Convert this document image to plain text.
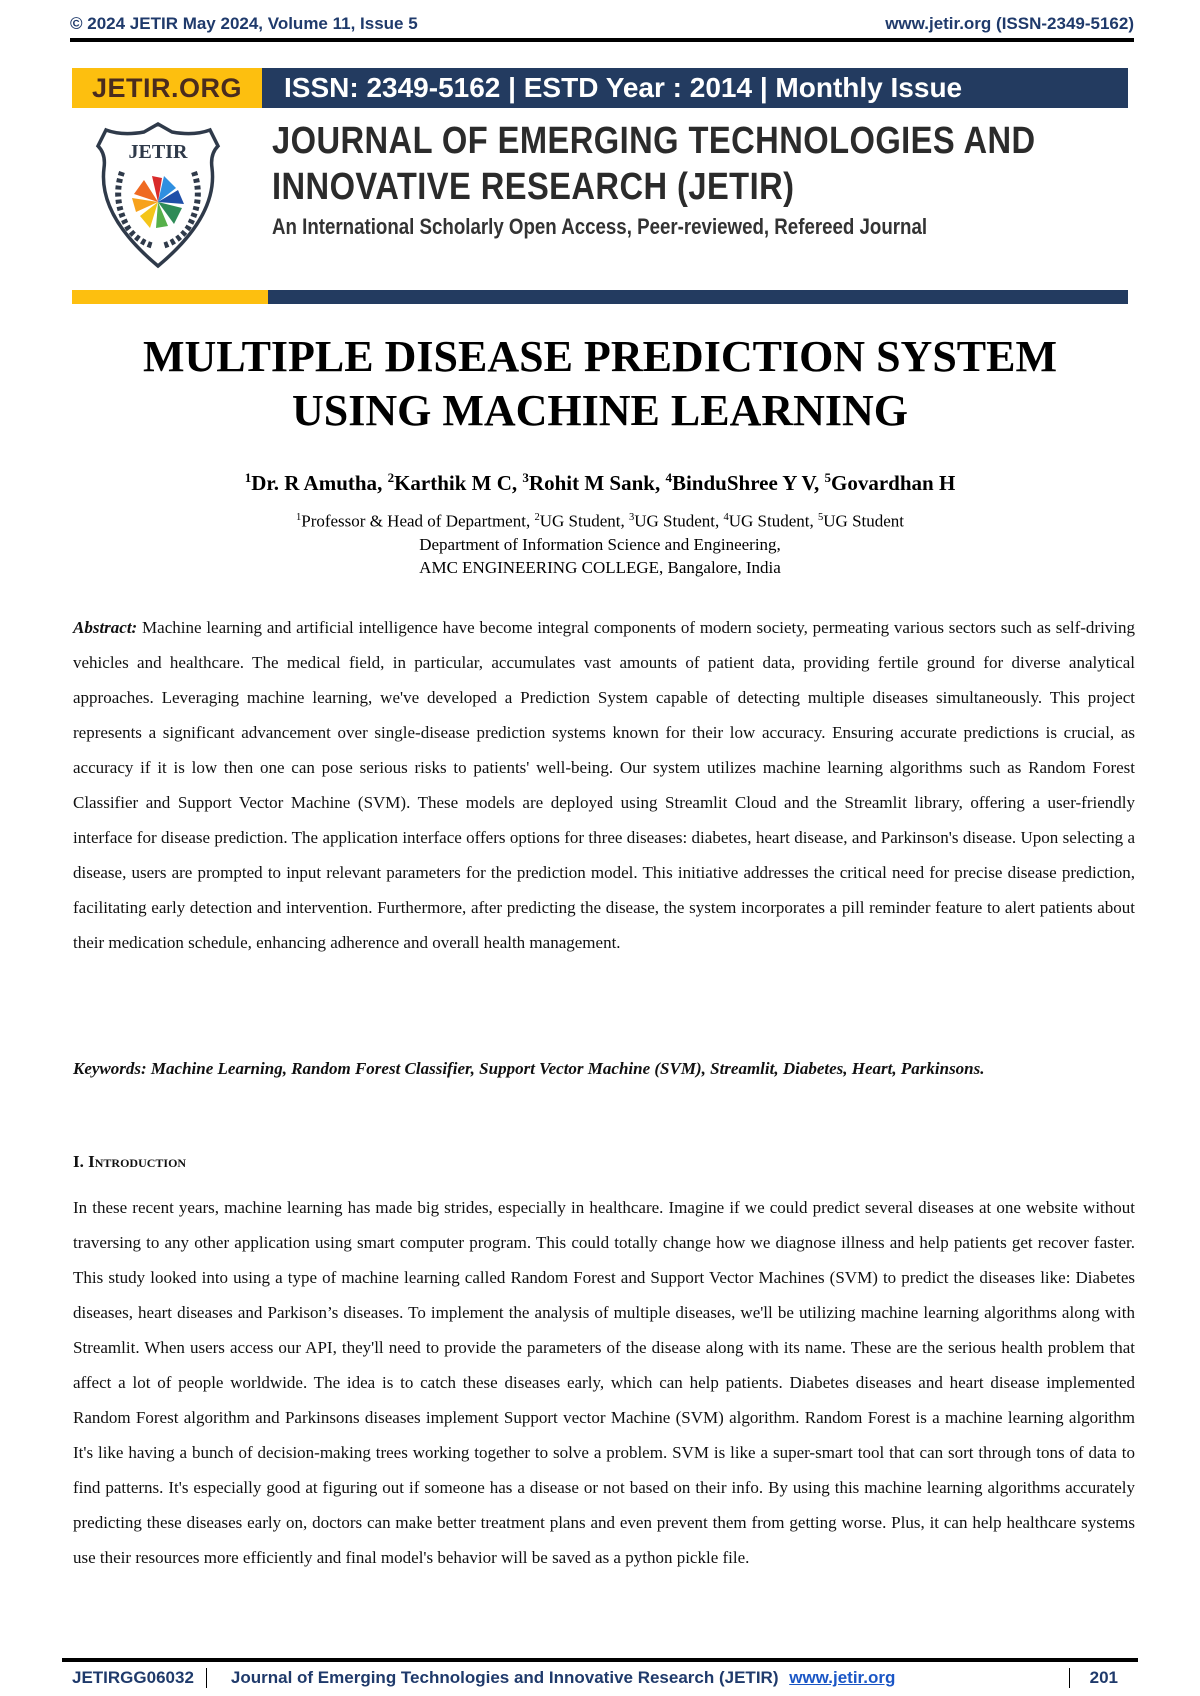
© 2024 JETIR May 2024, Volume 11, Issue 5	www.jetir.org (ISSN-2349-5162)
JETIR.ORG	ISSN: 2349-5162 | ESTD Year : 2014 | Monthly Issue
JETIR JOURNAL OF EMERGING TECHNOLOGIES AND
INNOVATIVE RESEARCH (JETIR)
An International Scholarly Open Access, Peer-reviewed, Refereed Journal
MULTIPLE DISEASE PREDICTION SYSTEM
USING MACHINE LEARNING
$^1$Dr. R Amutha, $^2$Karthik M C, $^3$Rohit M Sank, $^4$BinduShree Y V, $^5$Govardhan H
$^1$Professor & Head of Department, $^2$UG Student, $^3$UG Student, $^4$UG Student, $^5$UG Student
Department of Information Science and Engineering,
AMC ENGINEERING COLLEGE, Bangalore, India
Abstract: Machine learning and artificial intelligence have become integral components of modern society, permeating various sectors such as self-driving vehicles and healthcare. The medical field, in particular, accumulates vast amounts of patient data, providing fertile ground for diverse analytical approaches. Leveraging machine learning, we've developed a Prediction System capable of detecting multiple diseases simultaneously. This project represents a significant advancement over single-disease prediction systems known for their low accuracy. Ensuring accurate predictions is crucial, as accuracy if it is low then one can pose serious risks to patients' well-being. Our system utilizes machine learning algorithms such as Random Forest Classifier and Support Vector Machine (SVM). These models are deployed using Streamlit Cloud and the Streamlit library, offering a user-friendly interface for disease prediction. The application interface offers options for three diseases: diabetes, heart disease, and Parkinson's disease. Upon selecting a disease, users are prompted to input relevant parameters for the prediction model. This initiative addresses the critical need for precise disease prediction, facilitating early detection and intervention. Furthermore, after predicting the disease, the system incorporates a pill reminder feature to alert patients about their medication schedule, enhancing adherence and overall health management.
Keywords: Machine Learning, Random Forest Classifier, Support Vector Machine (SVM), Streamlit, Diabetes, Heart, Parkinsons.
I. Introduction
In these recent years, machine learning has made big strides, especially in healthcare. Imagine if we could predict several diseases at one website without traversing to any other application using smart computer program. This could totally change how we diagnose illness and help patients get recover faster. This study looked into using a type of machine learning called Random Forest and Support Vector Machines (SVM) to predict the diseases like: Diabetes diseases, heart diseases and Parkison’s diseases. To implement the analysis of multiple diseases, we'll be utilizing machine learning algorithms along with Streamlit. When users access our API, they'll need to provide the parameters of the disease along with its name. These are the serious health problem that affect a lot of people worldwide. The idea is to catch these diseases early, which can help patients. Diabetes diseases and heart disease implemented Random Forest algorithm and Parkinsons diseases implement Support vector Machine (SVM) algorithm. Random Forest is a machine learning algorithm It's like having a bunch of decision-making trees working together to solve a problem. SVM is like a super-smart tool that can sort through tons of data to find patterns. It's especially good at figuring out if someone has a disease or not based on their info. By using this machine learning algorithms accurately predicting these diseases early on, doctors can make better treatment plans and even prevent them from getting worse. Plus, it can help healthcare systems use their resources more efficiently and final model's behavior will be saved as a python pickle file.
JETIRGG06032	Journal of Emerging Technologies and Innovative Research (JETIR) www.jetir.org	201
